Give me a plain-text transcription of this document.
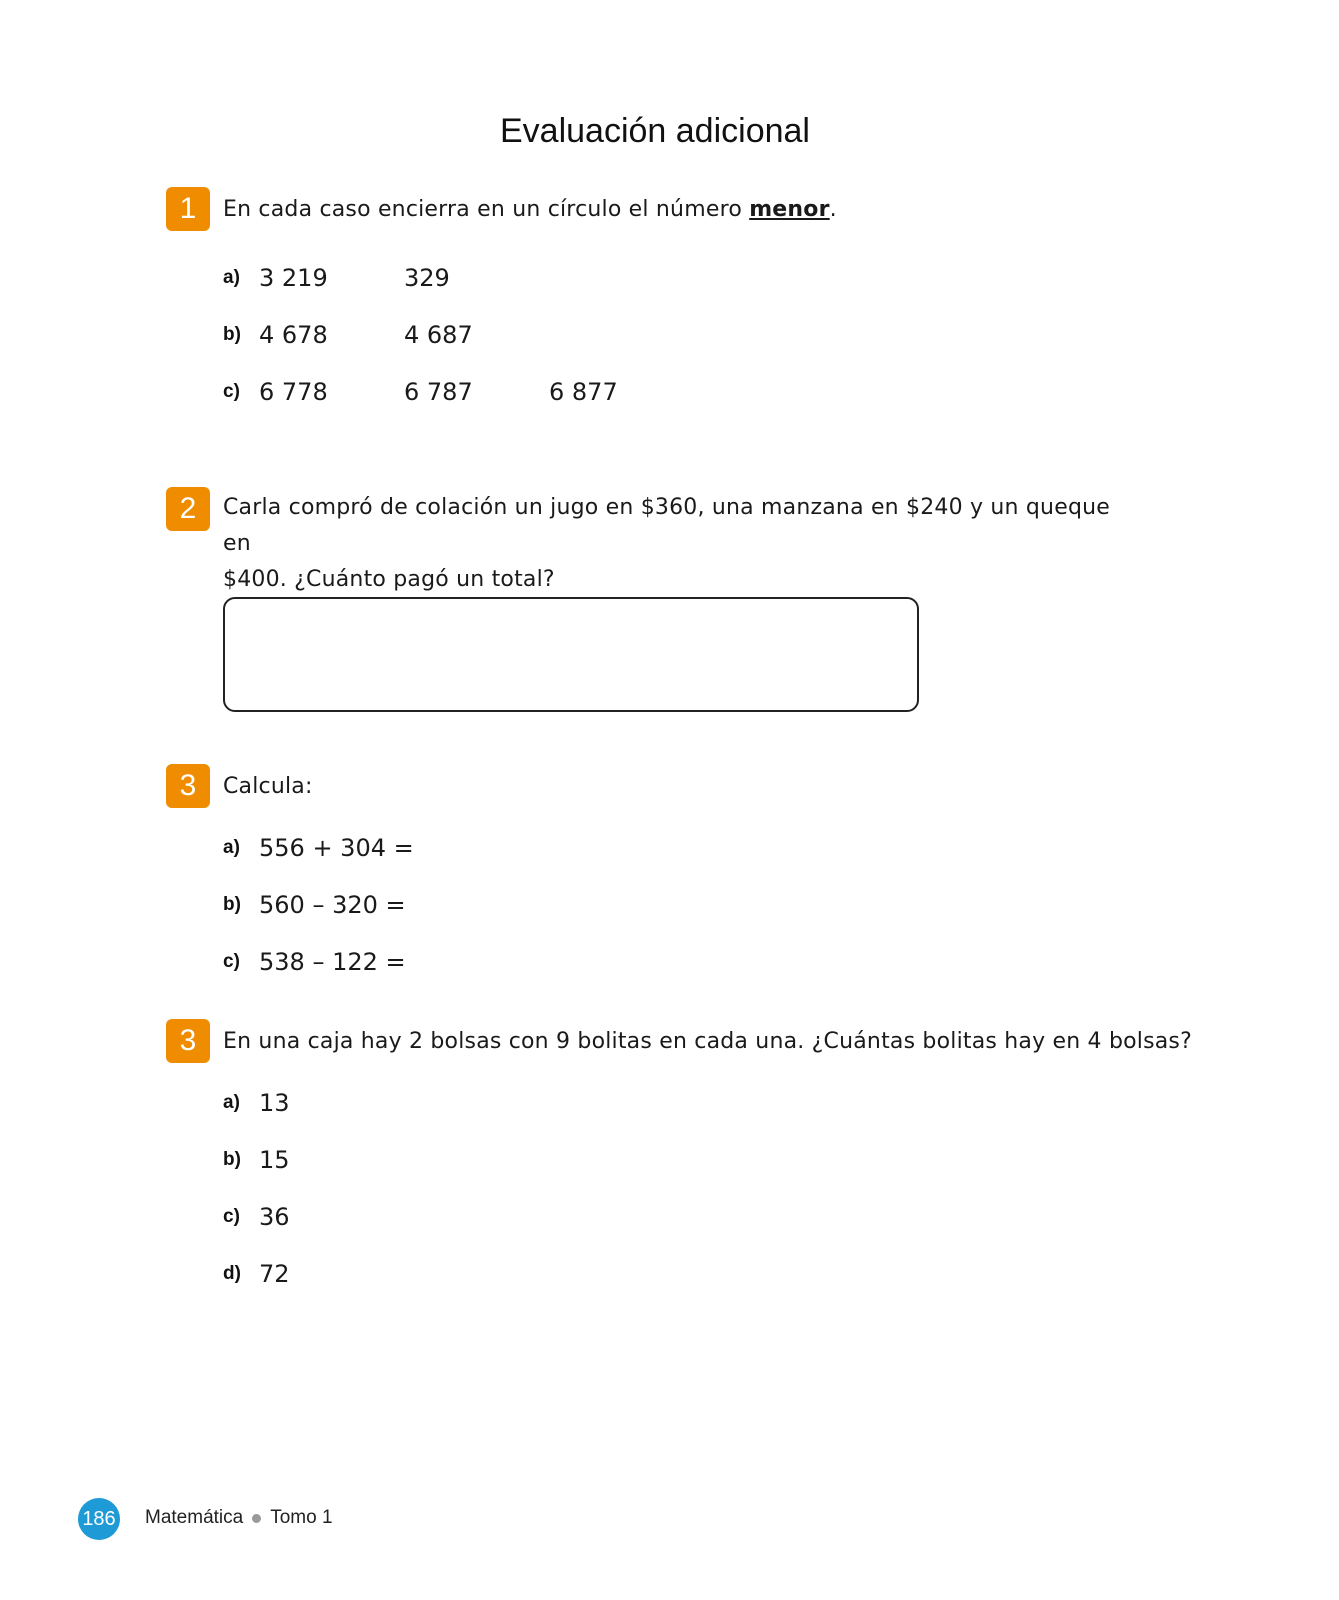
Evaluación adicional
1	En cada caso encierra en un círculo el número menor.
a) 3 219	329
b) 4 678	4 687
c) 6 778	6 787	6 877
2	Carla compró de colación un jugo en $360, una manzana en $240 y un queque en
$400. ¿Cuánto pagó un total?
3	Calcula:
a) 556 + 304 =
b) 560 – 320 =
c) 538 – 122 =
3	En una caja hay 2 bolsas con 9 bolitas en cada una. ¿Cuántas bolitas hay en 4 bolsas?
a) 13
b) 15
c) 36
d) 72
186 Matemática Tomo 1
